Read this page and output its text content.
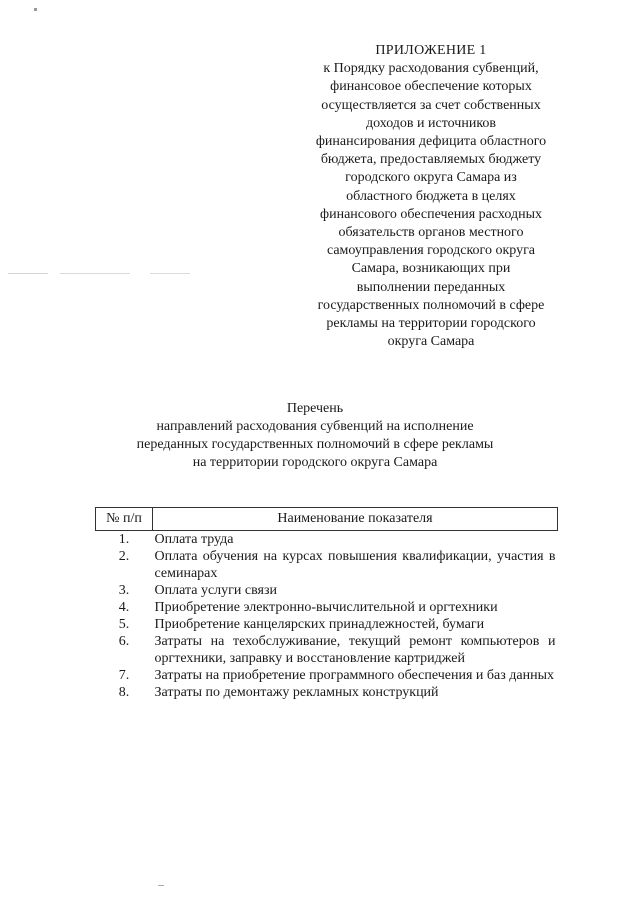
ПРИЛОЖЕНИЕ 1
к Порядку расходования субвенций,
финансовое обеспечение которых
осуществляется за счет собственных
доходов и источников
финансирования дефицита областного
бюджета, предоставляемых бюджету
городского округа Самара из
областного бюджета в целях
финансового обеспечения расходных
обязательств органов местного
самоуправления городского округа
Самара, возникающих при
выполнении переданных
государственных полномочий в сфере
рекламы на территории городского
округа Самара
Перечень
направлений расходования субвенций на исполнение
переданных государственных полномочий в сфере рекламы
на территории городского округа Самара
№ п/п	Наименование показателя
1.	Оплата труда
2.	Оплата обучения на курсах повышения квалификации, участия в семинарах
3.	Оплата услуги связи
4.	Приобретение электронно-вычислительной и оргтехники
5.	Приобретение канцелярских принадлежностей, бумаги
6.	Затраты на техобслуживание, текущий ремонт компьютеров и оргтехники, заправку и восстановление картриджей
7.	Затраты на приобретение программного обеспечения и баз данных
8.	Затраты по демонтажу рекламных конструкций
